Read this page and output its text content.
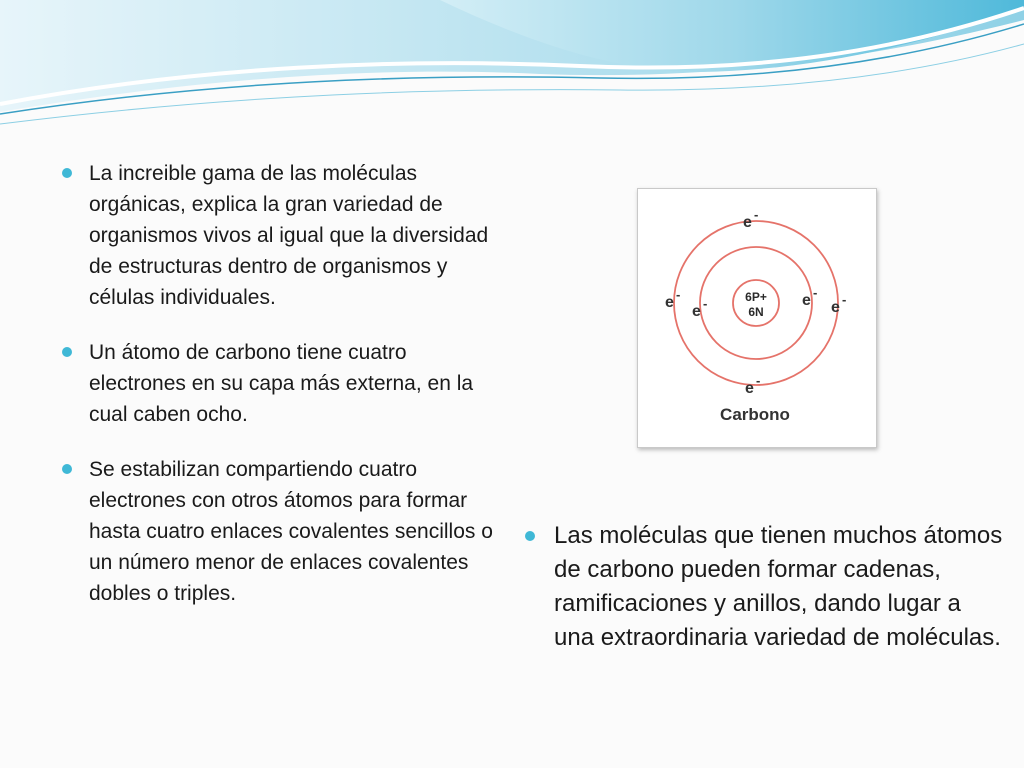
La increible gama de las moléculas orgánicas, explica la gran variedad de organismos vivos al igual que la diversidad de estructuras dentro de organismos y células individuales.
Un átomo de carbono tiene cuatro electrones en su capa más externa, en la cual caben ocho.
Se estabilizan compartiendo cuatro electrones con otros átomos para formar hasta cuatro enlaces covalentes sencillos o un número menor de enlaces covalentes dobles o triples.
6P+
6N
e -
e -
e -
e -	e -
e -
Carbono
Las moléculas que tienen muchos átomos de carbono pueden formar cadenas, ramificaciones y anillos, dando lugar a una extraordinaria variedad de moléculas.
